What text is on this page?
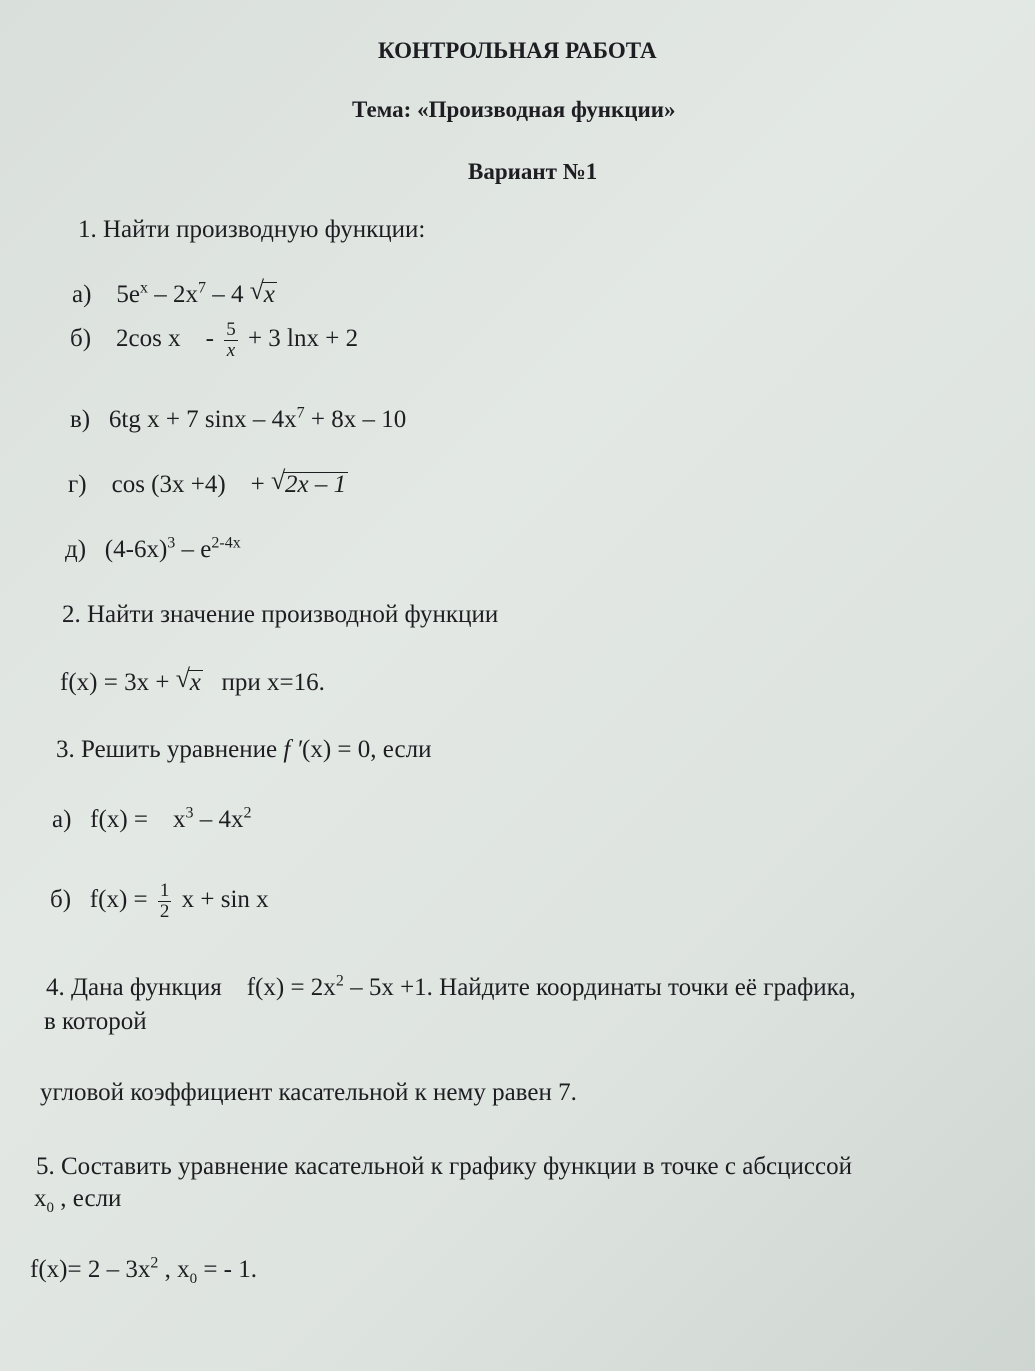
КОНТРОЛЬНАЯ РАБОТА
Тема: «Производная функции»
Вариант №1
1. Найти производную функции:
а) $5e^x - 2x^7 - 4$ √ x
б) 2cos $x - \frac{5}{x} + 3$ lnx + 2
в) 6tg x + 7 $\sin x - 4x^7 + 8x - 10$
г) cos (3x +4) + √ 2x – 1
д) $(4-6x)^3 - e^{2-4x}$
2. Найти значение производной функции
f(x) = 3x + √ x при x=16.
3. Решить уравнение f ′(x) = 0, если
а) $f(x) = x^3 - 4x^2$
б) $f(x) = \frac{1}{2}$ x + sin x
4. Дана функция $f(x) = 2x^2 - 5x +1$. Найдите координаты точки её графика,
в которой
угловой коэффициент касательной к нему равен 7.
5. Составить уравнение касательной к графику функции в точке с абсциссой
$x_0$ , если
$f(x)= 2 - 3x^2$ , $x_0$ = - 1.
